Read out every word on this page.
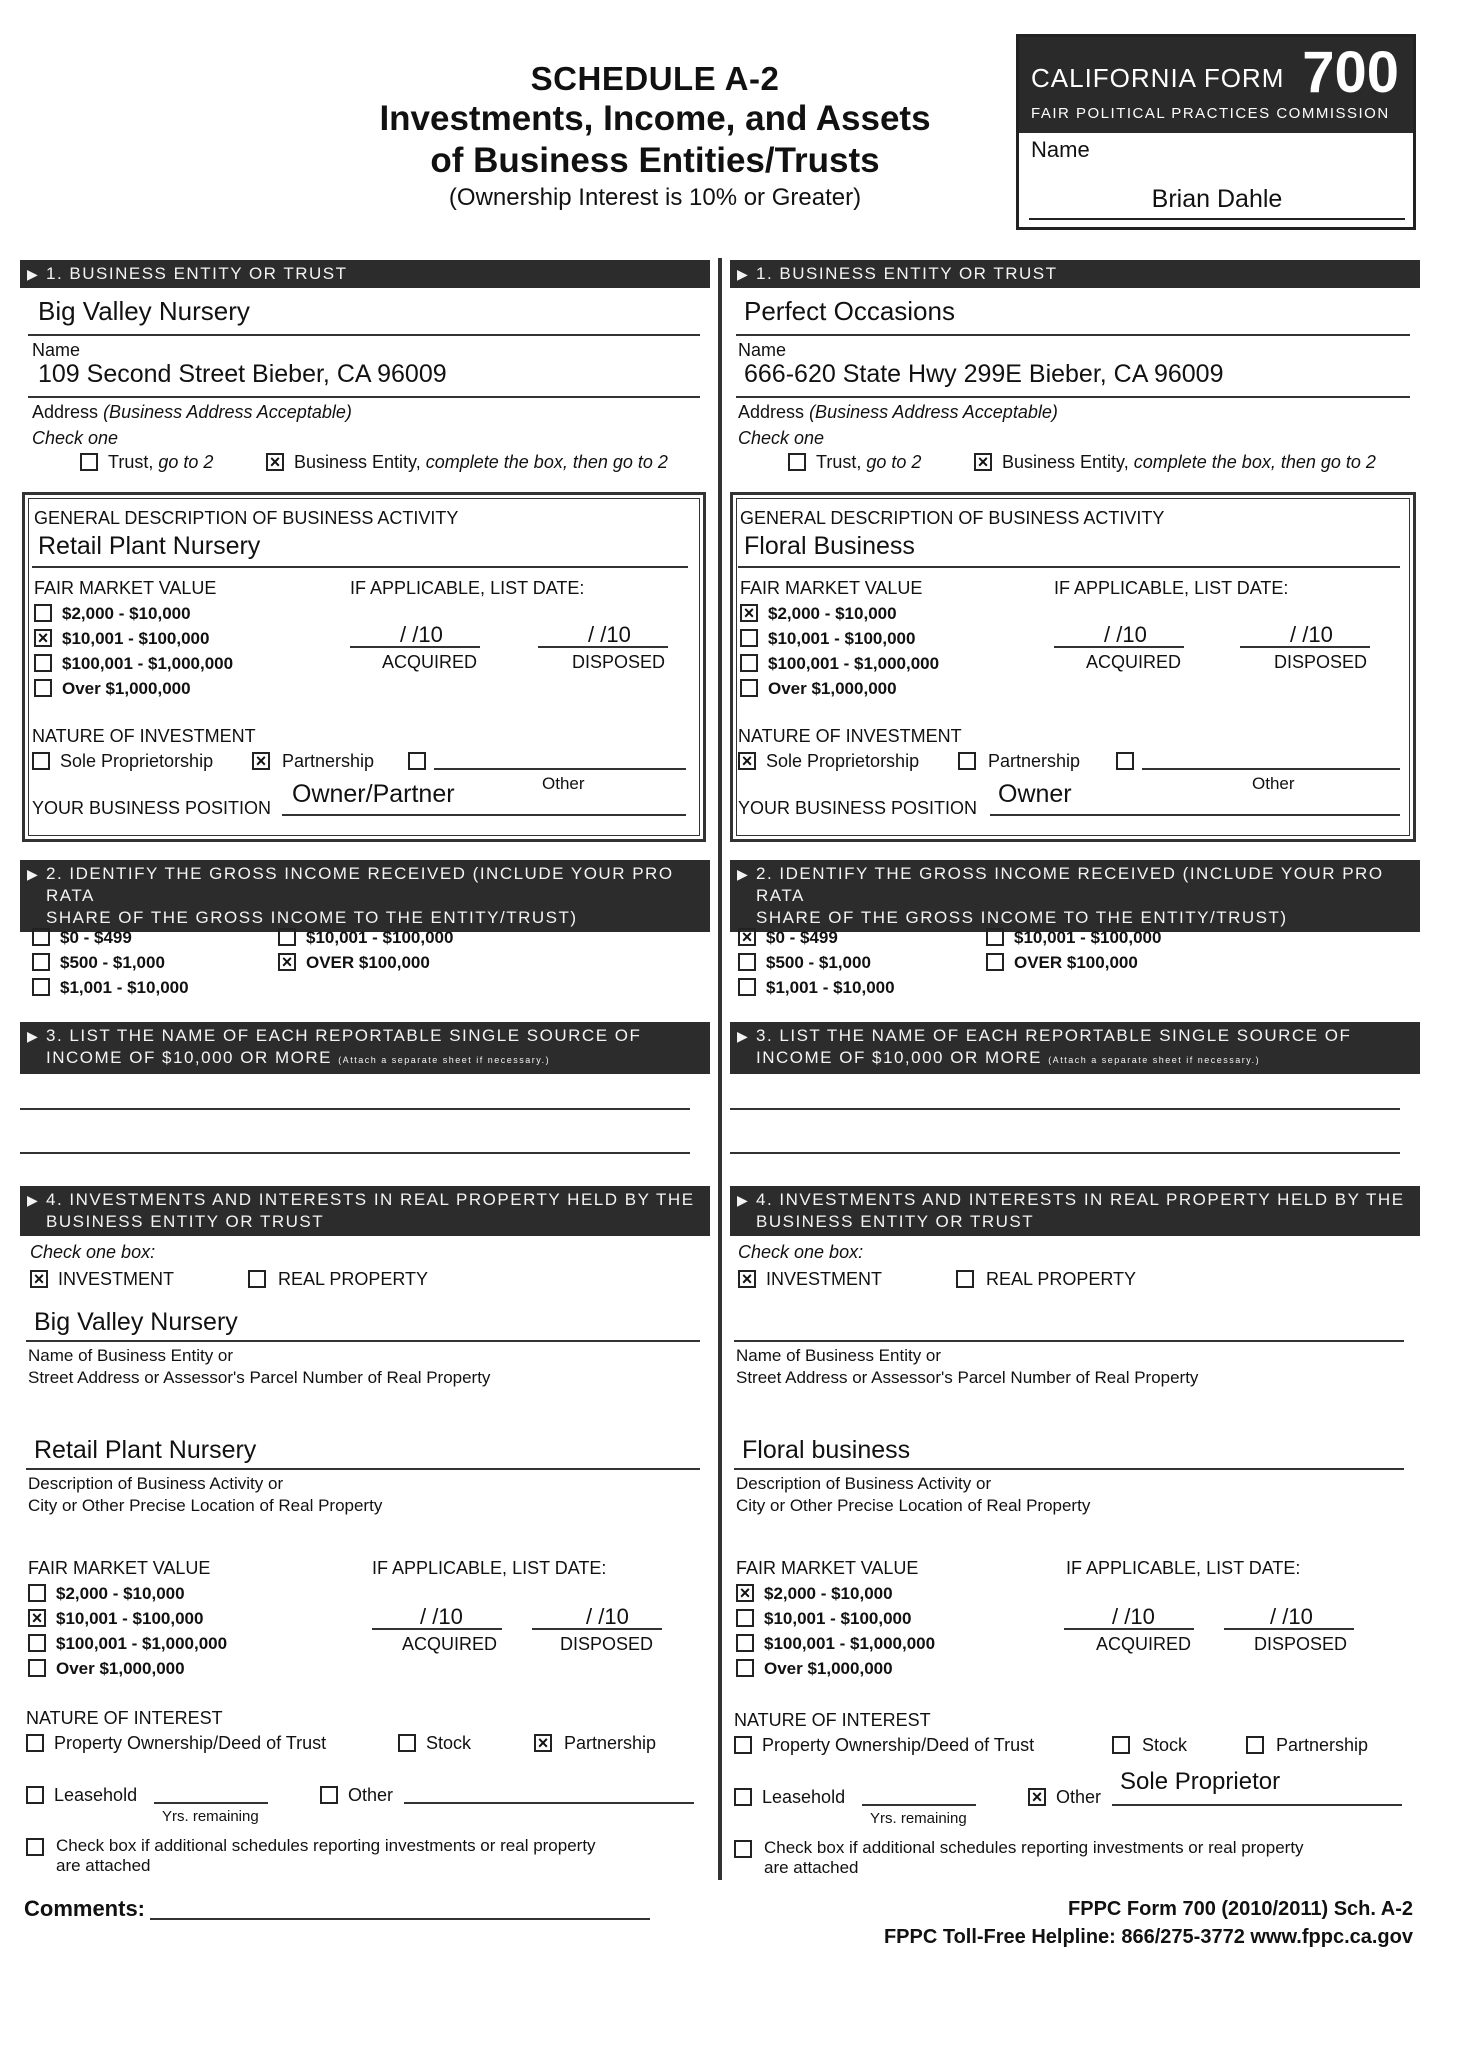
SCHEDULE A-2
Investments, Income, and Assets
of Business Entities/Trusts
(Ownership Interest is 10% or Greater)
CALIFORNIA FORM 700
FAIR POLITICAL PRACTICES COMMISSION
Name
Brian Dahle
▶ 1. BUSINESS ENTITY OR TRUST
Big Valley Nursery
Name
109 Second Street Bieber, CA 96009
Address (Business Address Acceptable)
Check one
Trust, go to 2	× Business Entity, complete the box, then go to 2
GENERAL DESCRIPTION OF BUSINESS ACTIVITY
Retail Plant Nursery
FAIR MARKET VALUE	IF APPLICABLE, LIST DATE:
$2,000 - $10,000
× $10,001 - $100,000
$100,001 - $1,000,000
Over $1,000,000
/ /10
ACQUIRED
/ /10
DISPOSED
NATURE OF INVESTMENT
Sole Proprietorship × Partnership
Other
YOUR BUSINESS POSITION Owner/Partner
▶ 2. IDENTIFY THE GROSS INCOME RECEIVED (INCLUDE YOUR PRO RATA
SHARE OF THE GROSS INCOME TO THE ENTITY/TRUST)
$0 - $499
$500 - $1,000
$1,001 - $10,000
$10,001 - $100,000
× OVER $100,000
▶ 3. LIST THE NAME OF EACH REPORTABLE SINGLE SOURCE OF
INCOME OF $10,000 OR MORE (Attach a separate sheet if necessary.)
▶ 4. INVESTMENTS AND INTERESTS IN REAL PROPERTY HELD BY THE
BUSINESS ENTITY OR TRUST
Check one box:
× INVESTMENT	REAL PROPERTY
Big Valley Nursery
Name of Business Entity or
Street Address or Assessor's Parcel Number of Real Property
Retail Plant Nursery
Description of Business Activity or
City or Other Precise Location of Real Property
FAIR MARKET VALUE	IF APPLICABLE, LIST DATE:
$2,000 - $10,000
× $10,001 - $100,000
$100,001 - $1,000,000
Over $1,000,000
/ /10
ACQUIRED
/ /10
DISPOSED
NATURE OF INTEREST
Property Ownership/Deed of Trust	Stock	× Partnership
Leasehold
Yrs. remaining
Other
Check box if additional schedules reporting investments or real property
are attached
▶ 1. BUSINESS ENTITY OR TRUST
Perfect Occasions
Name
666-620 State Hwy 299E Bieber, CA 96009
Address (Business Address Acceptable)
Check one
Trust, go to 2	× Business Entity, complete the box, then go to 2
GENERAL DESCRIPTION OF BUSINESS ACTIVITY
Floral Business
FAIR MARKET VALUE	IF APPLICABLE, LIST DATE:
× $2,000 - $10,000
$10,001 - $100,000
$100,001 - $1,000,000
Over $1,000,000
/ /10
ACQUIRED
/ /10
DISPOSED
NATURE OF INVESTMENT
× Sole Proprietorship	Partnership
Other
YOUR BUSINESS POSITION Owner
▶ 2. IDENTIFY THE GROSS INCOME RECEIVED (INCLUDE YOUR PRO RATA
SHARE OF THE GROSS INCOME TO THE ENTITY/TRUST)
× $0 - $499
$500 - $1,000
$1,001 - $10,000
$10,001 - $100,000
OVER $100,000
▶ 3. LIST THE NAME OF EACH REPORTABLE SINGLE SOURCE OF
INCOME OF $10,000 OR MORE (Attach a separate sheet if necessary.)
▶ 4. INVESTMENTS AND INTERESTS IN REAL PROPERTY HELD BY THE
BUSINESS ENTITY OR TRUST
Check one box:
× INVESTMENT	REAL PROPERTY
Name of Business Entity or
Street Address or Assessor's Parcel Number of Real Property
Floral business
Description of Business Activity or
City or Other Precise Location of Real Property
FAIR MARKET VALUE	IF APPLICABLE, LIST DATE:
× $2,000 - $10,000
$10,001 - $100,000
$100,001 - $1,000,000
Over $1,000,000
/ /10
ACQUIRED
/ /10
DISPOSED
NATURE OF INTEREST
Property Ownership/Deed of Trust	Stock	Partnership
Leasehold
Yrs. remaining
× Other
Sole Proprietor
Check box if additional schedules reporting investments or real property
are attached
Comments:	FPPC Form 700 (2010/2011) Sch. A-2
FPPC Toll-Free Helpline: 866/275-3772 www.fppc.ca.gov
